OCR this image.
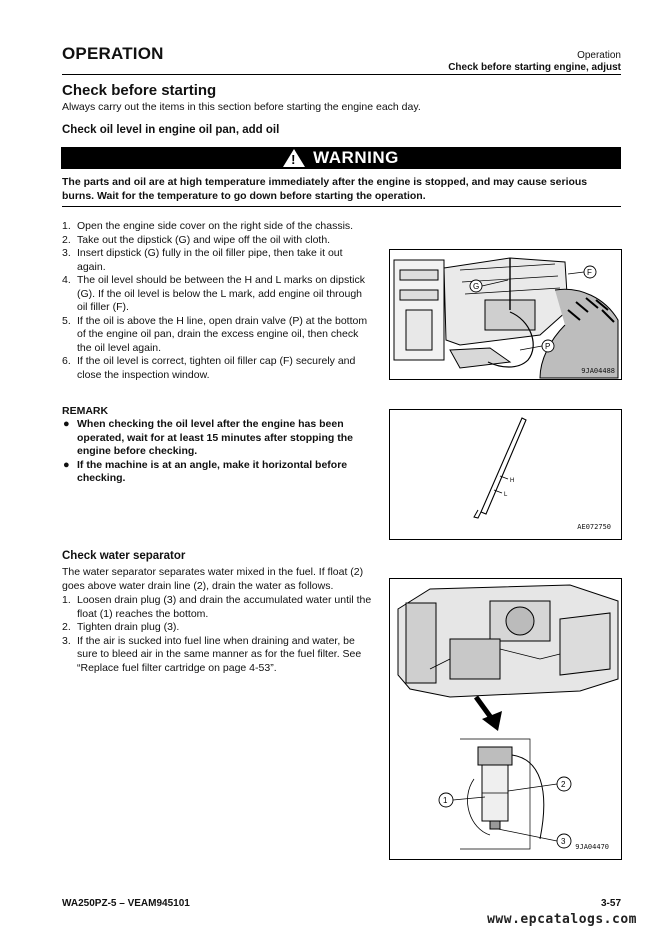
OPERATION	Operation
Check before starting engine, adjust
Check before starting
Always carry out the items in this section before starting the engine each day.
Check oil level in engine oil pan, add oil
! WARNING
The parts and oil are at high temperature immediately after the engine is stopped, and may cause serious burns. Wait for the temperature to go down before starting the operation.
1. Open the engine side cover on the right side of the chassis.
2. Take out the dipstick (G) and wipe off the oil with cloth.
3. Insert dipstick (G) fully in the oil filler pipe, then take it out again.
4. The oil level should be between the H and L marks on dipstick (G). If the oil level is below the L mark, add engine oil through oil filler (F).
5. If the oil is above the H line, open drain valve (P) at the bottom of the engine oil pan, drain the excess engine oil, then check the oil level again.
6. If the oil level is correct, tighten oil filler cap (F) securely and close the inspection window.
G
F
P
9JA04488
L
H
AE072750
REMARK
● When checking the oil level after the engine has been operated, wait for at least 15 minutes after stopping the engine before checking.
● If the machine is at an angle, make it horizontal before checking.
Check water separator
The water separator separates water mixed in the fuel. If float (2) goes above water drain line (2), drain the water as follows.
1. Loosen drain plug (3) and drain the accumulated water until the float (1) reaches the bottom.
2. Tighten drain plug (3).
3. If the air is sucked into fuel line when draining and water, be sure to bleed air in the same manner as for the fuel filter. See “Replace fuel filter cartridge on page 4-53”.
1
2
3
9JA04470
WA250PZ-5 – VEAM945101	3-57
www.epcatalogs.com
